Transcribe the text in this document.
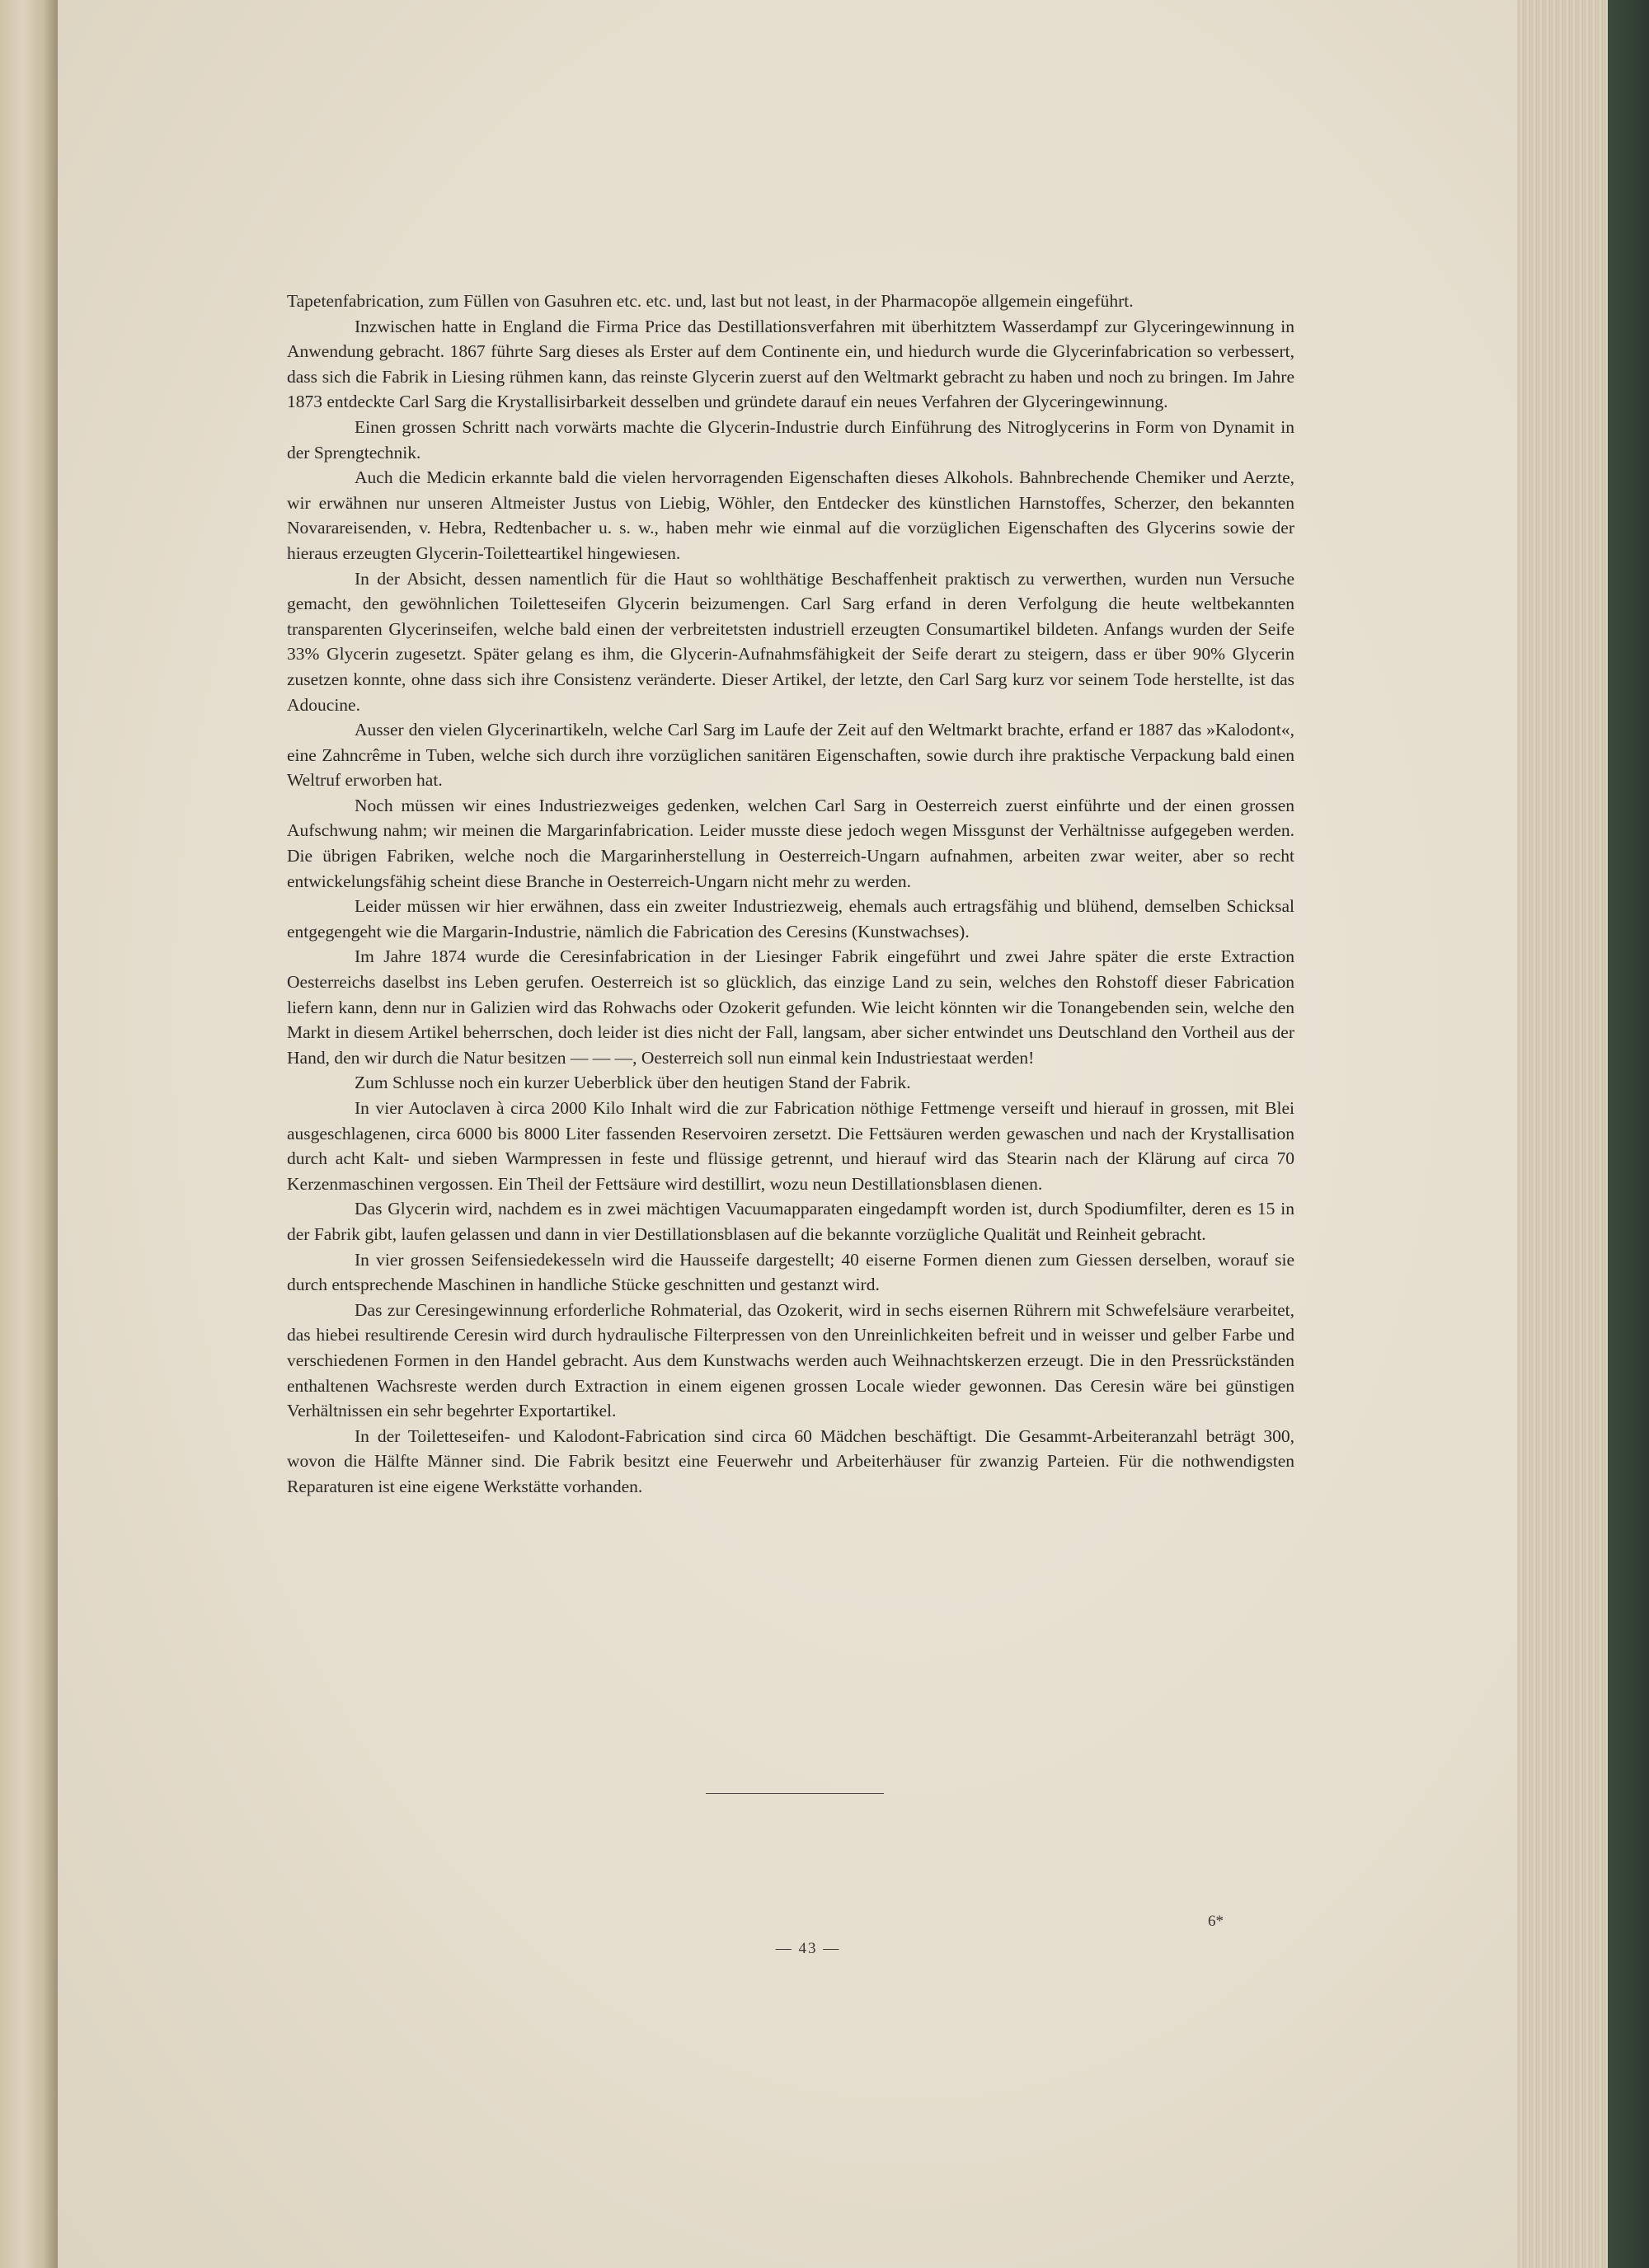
Tapetenfabrication, zum Füllen von Gasuhren etc. etc. und, last but not least, in der Pharmacopöe allgemein eingeführt.

Inzwischen hatte in England die Firma Price das Destillationsverfahren mit überhitztem Wasserdampf zur Glyceringewinnung in Anwendung gebracht. 1867 führte Sarg dieses als Erster auf dem Continente ein, und hiedurch wurde die Glycerinfabrication so verbessert, dass sich die Fabrik in Liesing rühmen kann, das reinste Glycerin zuerst auf den Weltmarkt gebracht zu haben und noch zu bringen. Im Jahre 1873 entdeckte Carl Sarg die Krystallisirbarkeit desselben und gründete darauf ein neues Verfahren der Glyceringewinnung.

Einen grossen Schritt nach vorwärts machte die Glycerin-Industrie durch Einführung des Nitroglycerins in Form von Dynamit in der Sprengtechnik.

Auch die Medicin erkannte bald die vielen hervorragenden Eigenschaften dieses Alkohols. Bahnbrechende Chemiker und Aerzte, wir erwähnen nur unseren Altmeister Justus von Liebig, Wöhler, den Entdecker des künstlichen Harnstoffes, Scherzer, den bekannten Novarareisenden, v. Hebra, Redtenbacher u. s. w., haben mehr wie einmal auf die vorzüglichen Eigenschaften des Glycerins sowie der hieraus erzeugten Glycerin-Toiletteartikel hingewiesen.

In der Absicht, dessen namentlich für die Haut so wohlthätige Beschaffenheit praktisch zu verwerthen, wurden nun Versuche gemacht, den gewöhnlichen Toiletteseifen Glycerin beizumengen. Carl Sarg erfand in deren Verfolgung die heute weltbekannten transparenten Glycerinseifen, welche bald einen der verbreitetsten industriell erzeugten Consumartikel bildeten. Anfangs wurden der Seife 33% Glycerin zugesetzt. Später gelang es ihm, die Glycerin-Aufnahmsfähigkeit der Seife derart zu steigern, dass er über 90% Glycerin zusetzen konnte, ohne dass sich ihre Consistenz veränderte. Dieser Artikel, der letzte, den Carl Sarg kurz vor seinem Tode herstellte, ist das Adoucine.

Ausser den vielen Glycerinartikeln, welche Carl Sarg im Laufe der Zeit auf den Weltmarkt brachte, erfand er 1887 das »Kalodont«, eine Zahncrême in Tuben, welche sich durch ihre vorzüglichen sanitären Eigenschaften, sowie durch ihre praktische Verpackung bald einen Weltruf erworben hat.

Noch müssen wir eines Industriezweiges gedenken, welchen Carl Sarg in Oesterreich zuerst einführte und der einen grossen Aufschwung nahm; wir meinen die Margarinfabrication. Leider musste diese jedoch wegen Missgunst der Verhältnisse aufgegeben werden. Die übrigen Fabriken, welche noch die Margarinherstellung in Oesterreich-Ungarn aufnahmen, arbeiten zwar weiter, aber so recht entwickelungsfähig scheint diese Branche in Oesterreich-Ungarn nicht mehr zu werden.

Leider müssen wir hier erwähnen, dass ein zweiter Industriezweig, ehemals auch ertragsfähig und blühend, demselben Schicksal entgegengeht wie die Margarin-Industrie, nämlich die Fabrication des Ceresins (Kunstwachses).

Im Jahre 1874 wurde die Ceresinfabrication in der Liesinger Fabrik eingeführt und zwei Jahre später die erste Extraction Oesterreichs daselbst ins Leben gerufen. Oesterreich ist so glücklich, das einzige Land zu sein, welches den Rohstoff dieser Fabrication liefern kann, denn nur in Galizien wird das Rohwachs oder Ozokerit gefunden. Wie leicht könnten wir die Tonangebenden sein, welche den Markt in diesem Artikel beherrschen, doch leider ist dies nicht der Fall, langsam, aber sicher entwindet uns Deutschland den Vortheil aus der Hand, den wir durch die Natur besitzen — — —, Oesterreich soll nun einmal kein Industriestaat werden!

Zum Schlusse noch ein kurzer Ueberblick über den heutigen Stand der Fabrik.

In vier Autoclaven à circa 2000 Kilo Inhalt wird die zur Fabrication nöthige Fettmenge verseift und hierauf in grossen, mit Blei ausgeschlagenen, circa 6000 bis 8000 Liter fassenden Reservoiren zersetzt. Die Fettsäuren werden gewaschen und nach der Krystallisation durch acht Kalt- und sieben Warmpressen in feste und flüssige getrennt, und hierauf wird das Stearin nach der Klärung auf circa 70 Kerzenmaschinen vergossen. Ein Theil der Fettsäure wird destillirt, wozu neun Destillationsblasen dienen.

Das Glycerin wird, nachdem es in zwei mächtigen Vacuumapparaten eingedampft worden ist, durch Spodiumfilter, deren es 15 in der Fabrik gibt, laufen gelassen und dann in vier Destillationsblasen auf die bekannte vorzügliche Qualität und Reinheit gebracht.

In vier grossen Seifensiedekesseln wird die Hausseife dargestellt; 40 eiserne Formen dienen zum Giessen derselben, worauf sie durch entsprechende Maschinen in handliche Stücke geschnitten und gestanzt wird.

Das zur Ceresingewinnung erforderliche Rohmaterial, das Ozokerit, wird in sechs eisernen Rührern mit Schwefelsäure verarbeitet, das hiebei resultirende Ceresin wird durch hydraulische Filterpressen von den Unreinlichkeiten befreit und in weisser und gelber Farbe und verschiedenen Formen in den Handel gebracht. Aus dem Kunstwachs werden auch Weihnachtskerzen erzeugt. Die in den Pressrückständen enthaltenen Wachsreste werden durch Extraction in einem eigenen grossen Locale wieder gewonnen. Das Ceresin wäre bei günstigen Verhältnissen ein sehr begehrter Exportartikel.

In der Toiletteseifen- und Kalodont-Fabrication sind circa 60 Mädchen beschäftigt. Die Gesammt-Arbeiteranzahl beträgt 300, wovon die Hälfte Männer sind. Die Fabrik besitzt eine Feuerwehr und Arbeiterhäuser für zwanzig Parteien. Für die nothwendigsten Reparaturen ist eine eigene Werkstätte vorhanden.

6*
— 43 —
